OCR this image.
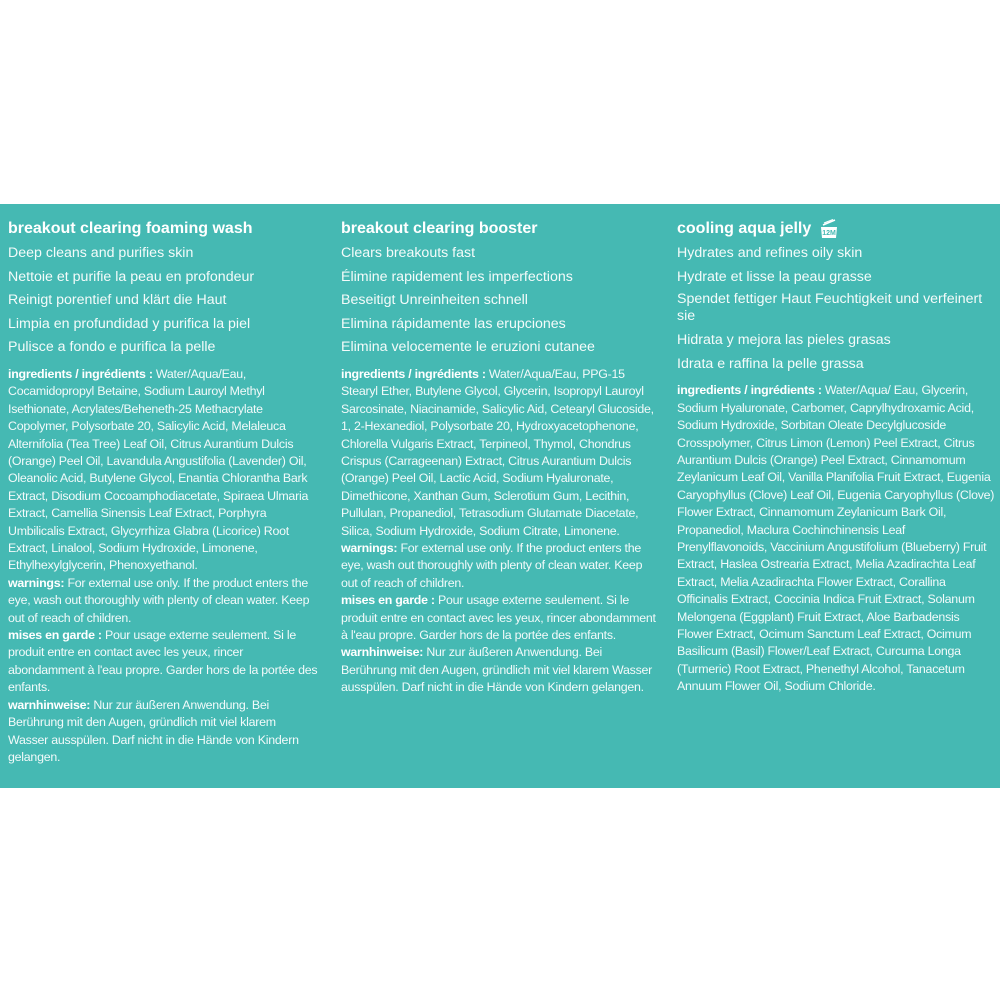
breakout clearing foaming wash

Deep cleans and purifies skin

Nettoie et purifie la peau en profondeur

Reinigt porentief und klärt die Haut

Limpia en profundidad y purifica la piel

Pulisce a fondo e purifica la pelle

ingredients / ingrédients : Water/Aqua/Eau, Cocamidopropyl Betaine, Sodium Lauroyl Methyl Isethionate, Acrylates/Beheneth-25 Methacrylate Copolymer, Polysorbate 20, Salicylic Acid, Melaleuca Alternifolia (Tea Tree) Leaf Oil, Citrus Aurantium Dulcis (Orange) Peel Oil, Lavandula Angustifolia (Lavender) Oil, Oleanolic Acid, Butylene Glycol, Enantia Chlorantha Bark Extract, Disodium Cocoamphodiacetate, Spiraea Ulmaria Extract, Camellia Sinensis Leaf Extract, Porphyra Umbilicalis Extract, Glycyrrhiza Glabra (Licorice) Root Extract, Linalool, Sodium Hydroxide, Limonene, Ethylhexylglycerin, Phenoxyethanol.

warnings: For external use only. If the product enters the eye, wash out thoroughly with plenty of clean water. Keep out of reach of children.

mises en garde : Pour usage externe seulement. Si le produit entre en contact avec les yeux, rincer abondamment à l'eau propre. Garder hors de la portée des enfants.

warnhinweise: Nur zur äußeren Anwendung. Bei Berührung mit den Augen, gründlich mit viel klarem Wasser ausspülen. Darf nicht in die Hände von Kindern gelangen.

breakout clearing booster

Clears breakouts fast

Élimine rapidement les imperfections

Beseitigt Unreinheiten schnell

Elimina rápidamente las erupciones

Elimina velocemente le eruzioni cutanee

ingredients / ingrédients : Water/Aqua/Eau, PPG-15 Stearyl Ether, Butylene Glycol, Glycerin, Isopropyl Lauroyl Sarcosinate, Niacinamide, Salicylic Aid, Cetearyl Glucoside, 1, 2-Hexanediol, Polysorbate 20, Hydroxyacetophenone, Chlorella Vulgaris Extract, Terpineol, Thymol, Chondrus Crispus (Carrageenan) Extract, Citrus Aurantium Dulcis (Orange) Peel Oil, Lactic Acid, Sodium Hyaluronate, Dimethicone, Xanthan Gum, Sclerotium Gum, Lecithin, Pullulan, Propanediol, Tetrasodium Glutamate Diacetate, Silica, Sodium Hydroxide, Sodium Citrate, Limonene.

warnings: For external use only. If the product enters the eye, wash out thoroughly with plenty of clean water. Keep out of reach of children.

mises en garde : Pour usage externe seulement. Si le produit entre en contact avec les yeux, rincer abondamment à l'eau propre. Garder hors de la portée des enfants.

warnhinweise: Nur zur äußeren Anwendung. Bei Berührung mit den Augen, gründlich mit viel klarem Wasser ausspülen. Darf nicht in die Hände von Kindern gelangen.

cooling aqua jelly 12M

Hydrates and refines oily skin

Hydrate et lisse la peau grasse

Spendet fettiger Haut Feuchtigkeit und verfeinert sie

Hidrata y mejora las pieles grasas

Idrata e raffina la pelle grassa

ingredients / ingrédients : Water/Aqua/ Eau, Glycerin, Sodium Hyaluronate, Carbomer, Caprylhydroxamic Acid, Sodium Hydroxide, Sorbitan Oleate Decylglucoside Crosspolymer, Citrus Limon (Lemon) Peel Extract, Citrus Aurantium Dulcis (Orange) Peel Extract, Cinnamomum Zeylanicum Leaf Oil, Vanilla Planifolia Fruit Extract, Eugenia Caryophyllus (Clove) Leaf Oil, Eugenia Caryophyllus (Clove) Flower Extract, Cinnamomum Zeylanicum Bark Oil, Propanediol, Maclura Cochinchinensis Leaf Prenylflavonoids, Vaccinium Angustifolium (Blueberry) Fruit Extract, Haslea Ostrearia Extract, Melia Azadirachta Leaf Extract, Melia Azadirachta Flower Extract, Corallina Officinalis Extract, Coccinia Indica Fruit Extract, Solanum Melongena (Eggplant) Fruit Extract, Aloe Barbadensis Flower Extract, Ocimum Sanctum Leaf Extract, Ocimum Basilicum (Basil) Flower/Leaf Extract, Curcuma Longa (Turmeric) Root Extract, Phenethyl Alcohol, Tanacetum Annuum Flower Oil, Sodium Chloride.
